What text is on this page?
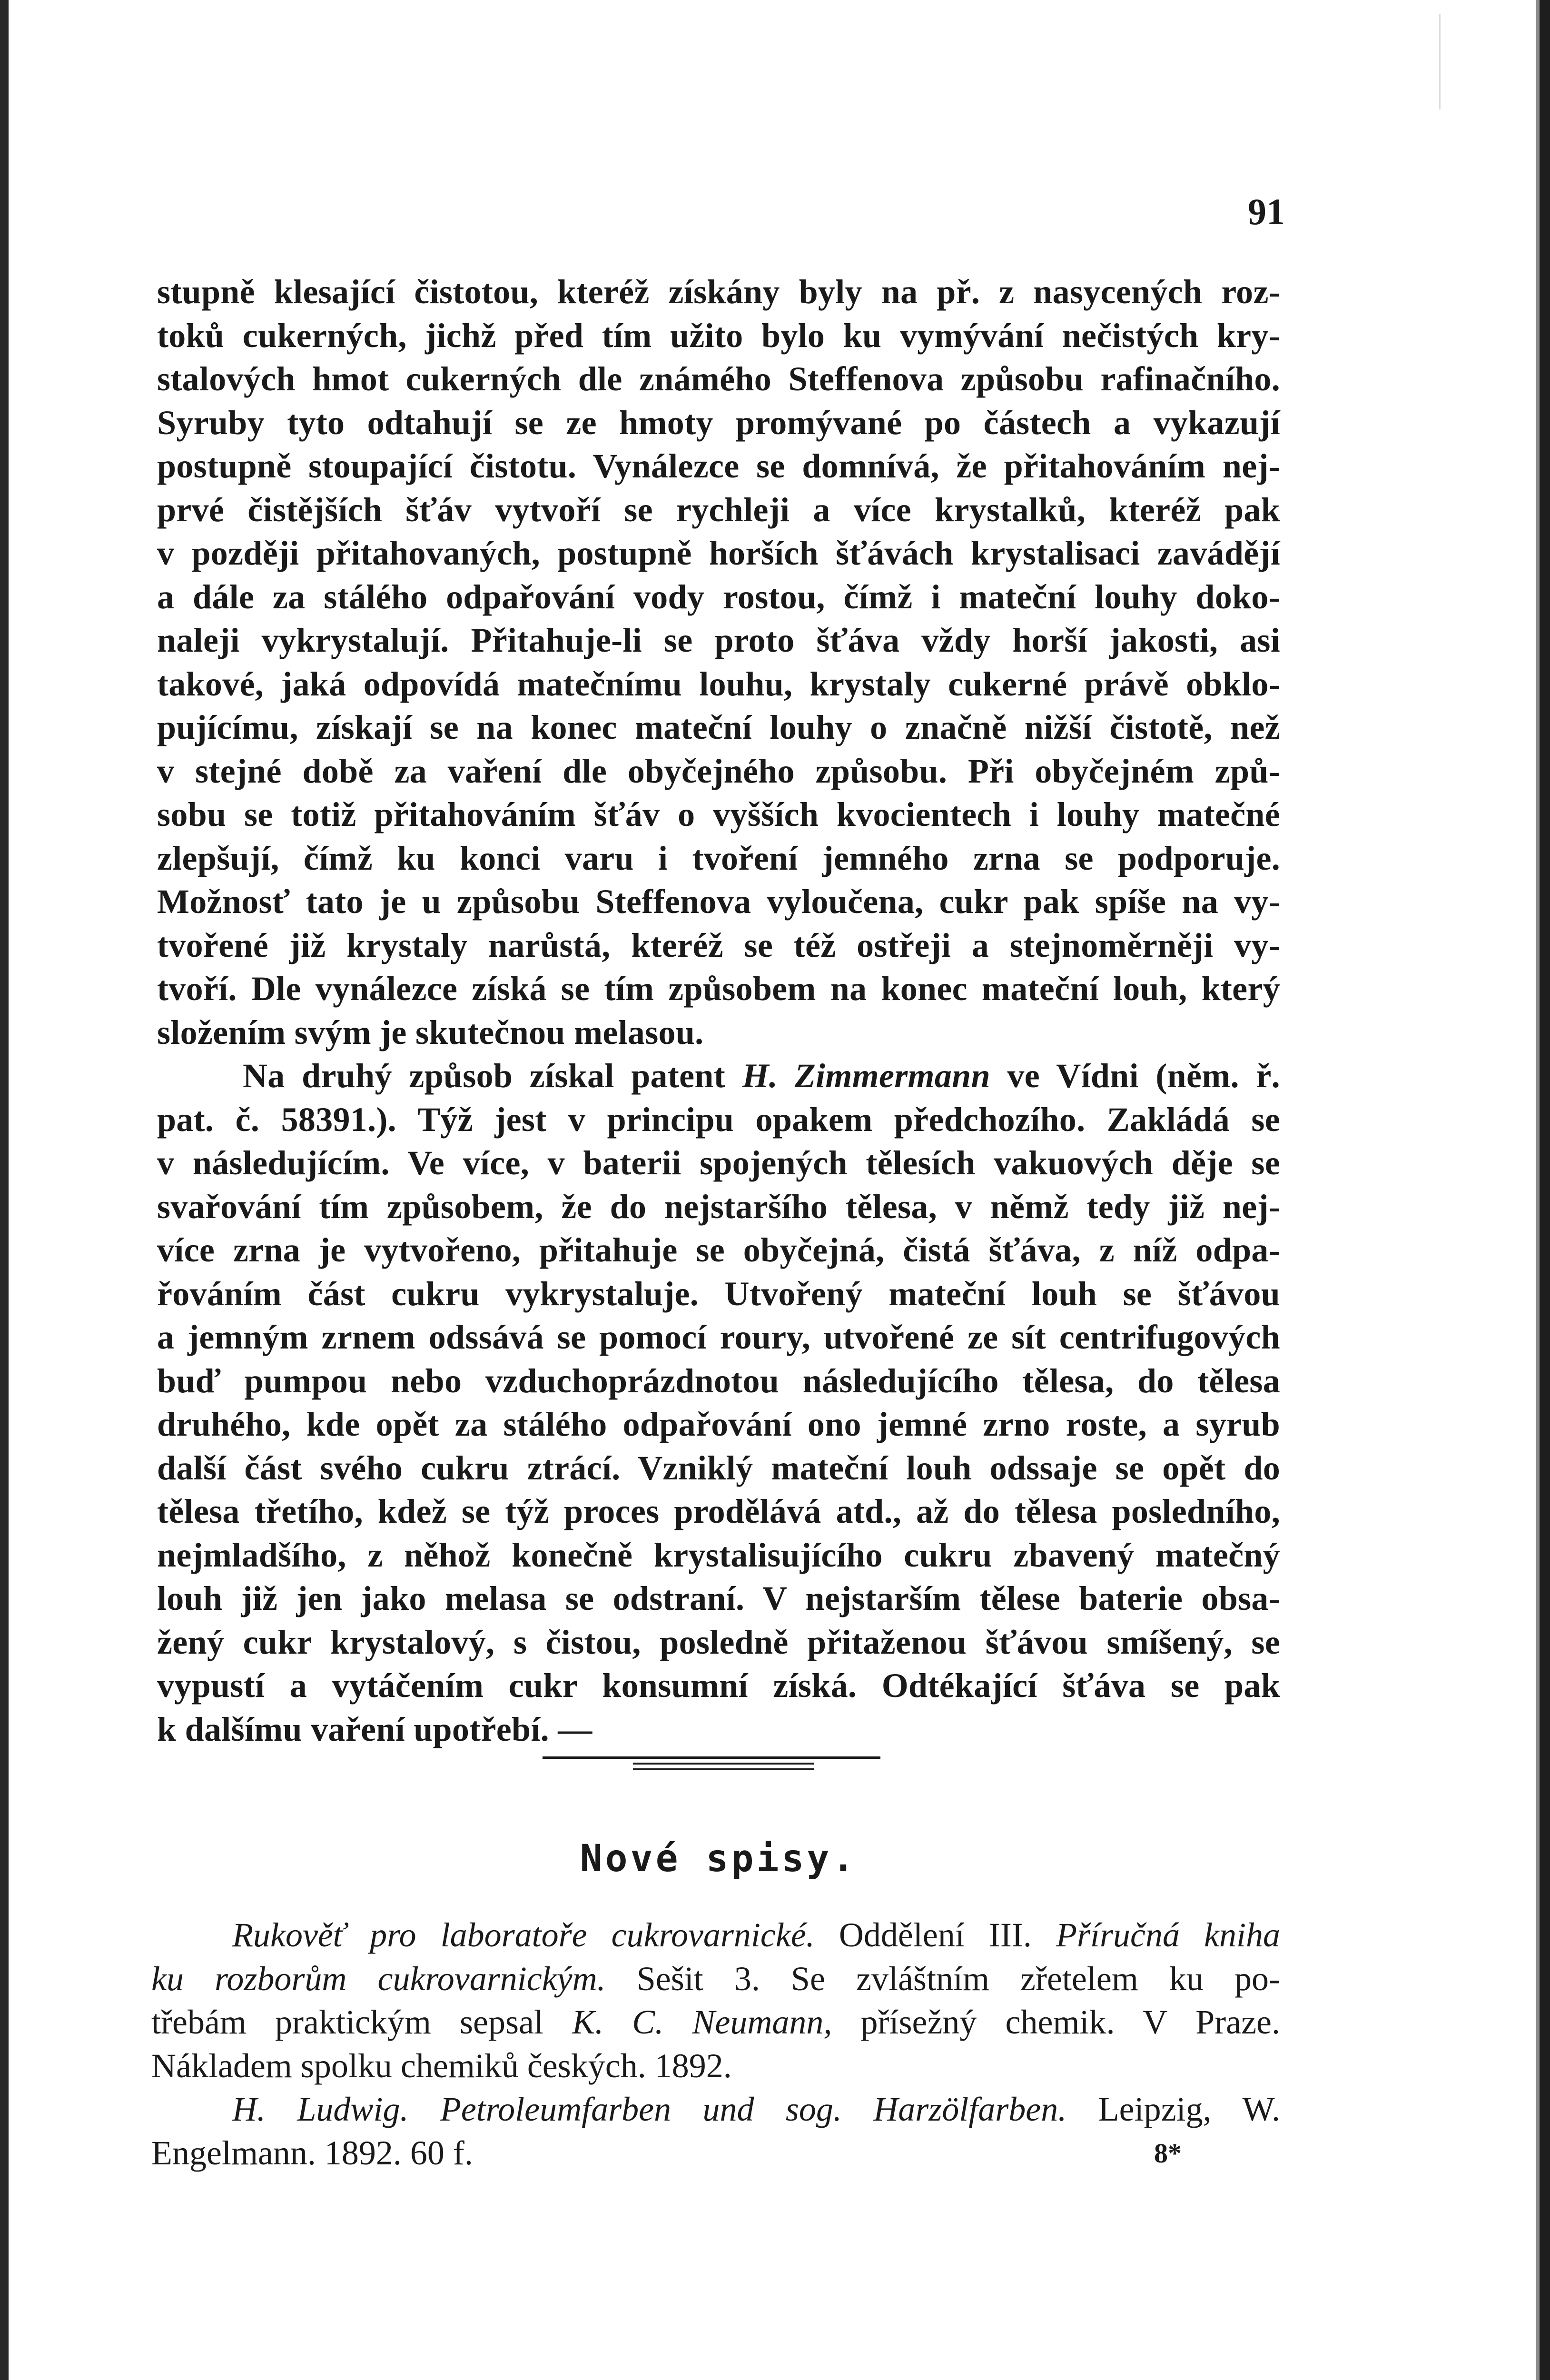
91
stupně klesající čistotou, kteréž získány byly na př. z nasycených roz-
toků cukerných, jichž před tím užito bylo ku vymývání nečistých kry-
stalových hmot cukerných dle známého Steffenova způsobu rafinačního.
Syruby tyto odtahují se ze hmoty promývané po částech a vykazují
postupně stoupající čistotu. Vynálezce se domnívá, že přitahováním nej-
prvé čistějších šťáv vytvoří se rychleji a více krystalků, kteréž pak
v později přitahovaných, postupně horších šťávách krystalisaci zavádějí
a dále za stálého odpařování vody rostou, čímž i mateční louhy doko-
naleji vykrystalují. Přitahuje-li se proto šťáva vždy horší jakosti, asi
takové, jaká odpovídá matečnímu louhu, krystaly cukerné právě obklo-
pujícímu, získají se na konec mateční louhy o značně nižší čistotě, než
v stejné době za vaření dle obyčejného způsobu. Při obyčejném způ-
sobu se totiž přitahováním šťáv o vyšších kvocientech i louhy matečné
zlepšují, čímž ku konci varu i tvoření jemného zrna se podporuje.
Možnosť tato je u způsobu Steffenova vyloučena, cukr pak spíše na vy-
tvořené již krystaly narůstá, kteréž se též ostřeji a stejnoměrněji vy-
tvoří. Dle vynálezce získá se tím způsobem na konec mateční louh, který
složením svým je skutečnou melasou.
Na druhý způsob získal patent H. Zimmermann ve Vídni (něm. ř.
pat. č. 58391.). Týž jest v principu opakem předchozího. Zakládá se
v následujícím. Ve více, v baterii spojených tělesích vakuových děje se
svařování tím způsobem, že do nejstaršího tělesa, v němž tedy již nej-
více zrna je vytvořeno, přitahuje se obyčejná, čistá šťáva, z níž odpa-
řováním část cukru vykrystaluje. Utvořený mateční louh se šťávou
a jemným zrnem odssává se pomocí roury, utvořené ze sít centrifugových
buď pumpou nebo vzduchoprázdnotou následujícího tělesa, do tělesa
druhého, kde opět za stálého odpařování ono jemné zrno roste, a syrub
další část svého cukru ztrácí. Vzniklý mateční louh odssaje se opět do
tělesa třetího, kdež se týž proces prodělává atd., až do tělesa posledního,
nejmladšího, z něhož konečně krystalisujícího cukru zbavený matečný
louh již jen jako melasa se odstraní. V nejstarším tělese baterie obsa-
žený cukr krystalový, s čistou, posledně přitaženou šťávou smíšený, se
vypustí a vytáčením cukr konsumní získá. Odtékající šťáva se pak
k dalšímu vaření upotřebí. —
Nové spisy.
Rukověť pro laboratoře cukrovarnické. Oddělení III. Příručná kniha
ku rozborům cukrovarnickým. Sešit 3. Se zvláštním zřetelem ku po-
třebám praktickým sepsal K. C. Neumann, přísežný chemik. V Praze.
Nákladem spolku chemiků českých. 1892.
H. Ludwig. Petroleumfarben und sog. Harzölfarben. Leipzig, W.
Engelmann. 1892. 60 f.	8*
